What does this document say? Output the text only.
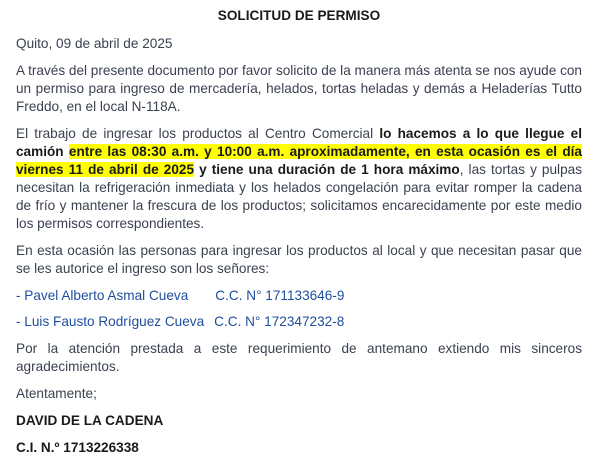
SOLICITUD DE PERMISO

Quito, 09 de abril de 2025

A través del presente documento por favor solicito de la manera más atenta se nos ayude con un permiso para ingreso de mercadería, helados, tortas heladas y demás a Heladerías Tutto Freddo, en el local N-118A.

El trabajo de ingresar los productos al Centro Comercial lo hacemos a lo que llegue el camión entre las 08:30 a.m. y 10:00 a.m. aproximadamente, en esta ocasión es el día viernes 11 de abril de 2025 y tiene una duración de 1 hora máximo, las tortas y pulpas necesitan la refrigeración inmediata y los helados congelación para evitar romper la cadena de frío y mantener la frescura de los productos; solicitamos encarecidamente por este medio los permisos correspondientes.

En esta ocasión las personas para ingresar los productos al local y que necesitan pasar que se les autorice el ingreso son los señores:

- Pavel Alberto Asmal Cueva C.C. N° 171133646-9

- Luis Fausto Rodríguez Cueva C.C. N° 172347232-8

Por la atención prestada a este requerimiento de antemano extiendo mis sinceros agradecimientos.

Atentamente;

DAVID DE LA CADENA

C.I. N.º 1713226338
